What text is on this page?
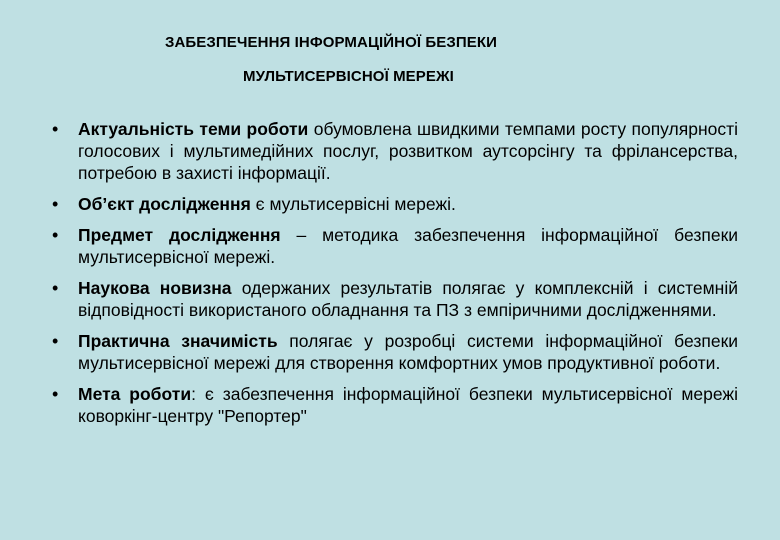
ЗАБЕЗПЕЧЕННЯ ІНФОРМАЦІЙНОЇ БЕЗПЕКИ
МУЛЬТИСЕРВІСНОЇ МЕРЕЖІ
• Актуальність теми роботи обумовлена швидкими темпами росту популярності голосових і мультимедійних послуг, розвитком аутсорсінгу та фрілансерства, потребою в захисті інформації.
• Об’єкт дослідження є мультисервісні мережі.
• Предмет дослідження – методика забезпечення інформаційної безпеки мультисервісної мережі.
• Наукова новизна одержаних результатів полягає у комплексній і системній відповідності використаного обладнання та ПЗ з емпіричними дослідженнями.
• Практична значимість полягає у розробці системи інформаційної безпеки мультисервісної мережі для створення комфортних умов продуктивної роботи.
• Мета роботи: є забезпечення інформаційної безпеки мультисервісної мережі коворкінг-центру "Репортер"
